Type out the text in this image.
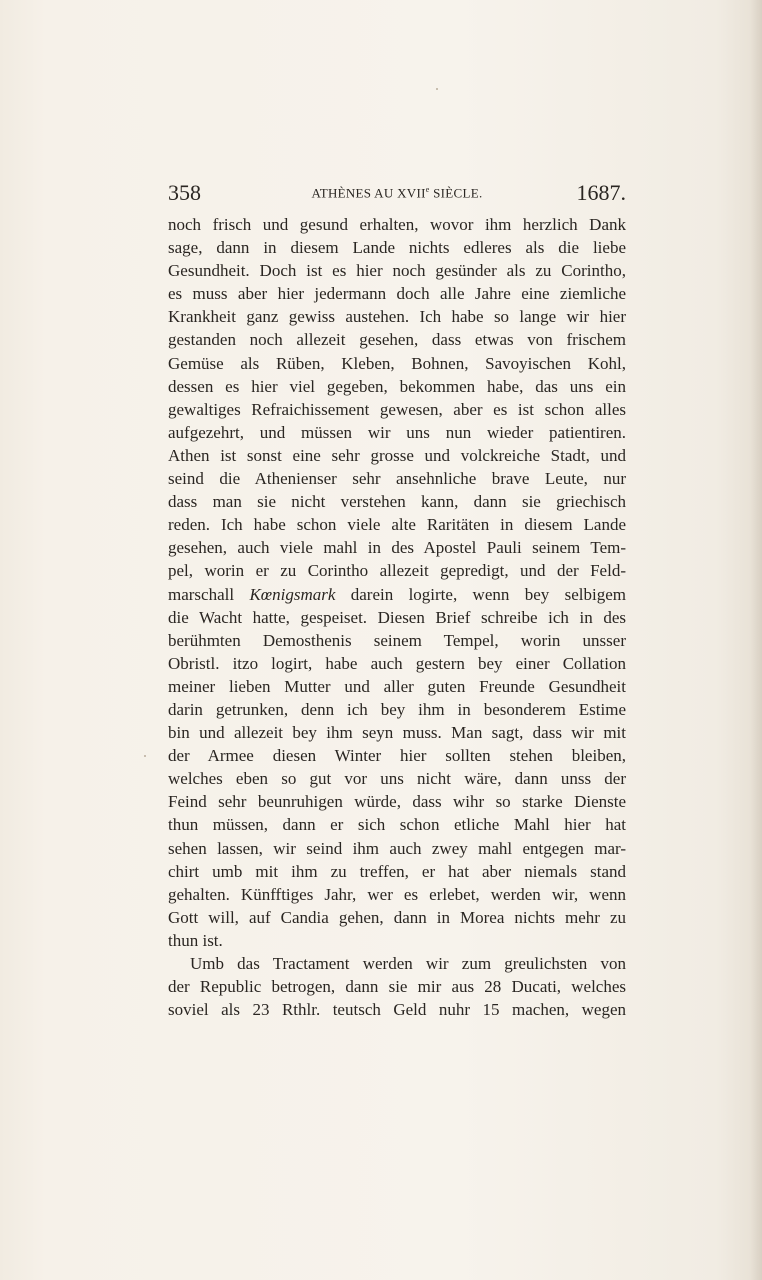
358	ATHÈNES AU XVIIe SIÈCLE.	1687.
noch frisch und gesund erhalten, wovor ihm herzlich Dank
sage, dann in diesem Lande nichts edleres als die liebe
Gesundheit. Doch ist es hier noch gesünder als zu Corintho,
es muss aber hier jedermann doch alle Jahre eine ziemliche
Krankheit ganz gewiss austehen. Ich habe so lange wir hier
gestanden noch allezeit gesehen, dass etwas von frischem
Gemüse als Rüben, Kleben, Bohnen, Savoyischen Kohl,
dessen es hier viel gegeben, bekommen habe, das uns ein
gewaltiges Refraichissement gewesen, aber es ist schon alles
aufgezehrt, und müssen wir uns nun wieder patientiren.
Athen ist sonst eine sehr grosse und volckreiche Stadt, und
seind die Athenienser sehr ansehnliche brave Leute, nur
dass man sie nicht verstehen kann, dann sie griechisch
reden. Ich habe schon viele alte Raritäten in diesem Lande
gesehen, auch viele mahl in des Apostel Pauli seinem Tem-
pel, worin er zu Corintho allezeit gepredigt, und der Feld-
marschall Kœnigsmark darein logirte, wenn bey selbigem
die Wacht hatte, gespeiset. Diesen Brief schreibe ich in des
berühmten Demosthenis seinem Tempel, worin unsser
Obristl. itzo logirt, habe auch gestern bey einer Collation
meiner lieben Mutter und aller guten Freunde Gesundheit
darin getrunken, denn ich bey ihm in besonderem Estime
bin und allezeit bey ihm seyn muss. Man sagt, dass wir mit
der Armee diesen Winter hier sollten stehen bleiben,
welches eben so gut vor uns nicht wäre, dann unss der
Feind sehr beunruhigen würde, dass wihr so starke Dienste
thun müssen, dann er sich schon etliche Mahl hier hat
sehen lassen, wir seind ihm auch zwey mahl entgegen mar-
chirt umb mit ihm zu treffen, er hat aber niemals stand
gehalten. Künfftiges Jahr, wer es erlebet, werden wir, wenn
Gott will, auf Candia gehen, dann in Morea nichts mehr zu
thun ist.
Umb das Tractament werden wir zum greulichsten von
der Republic betrogen, dann sie mir aus 28 Ducati, welches
soviel als 23 Rthlr. teutsch Geld nuhr 15 machen, wegen
